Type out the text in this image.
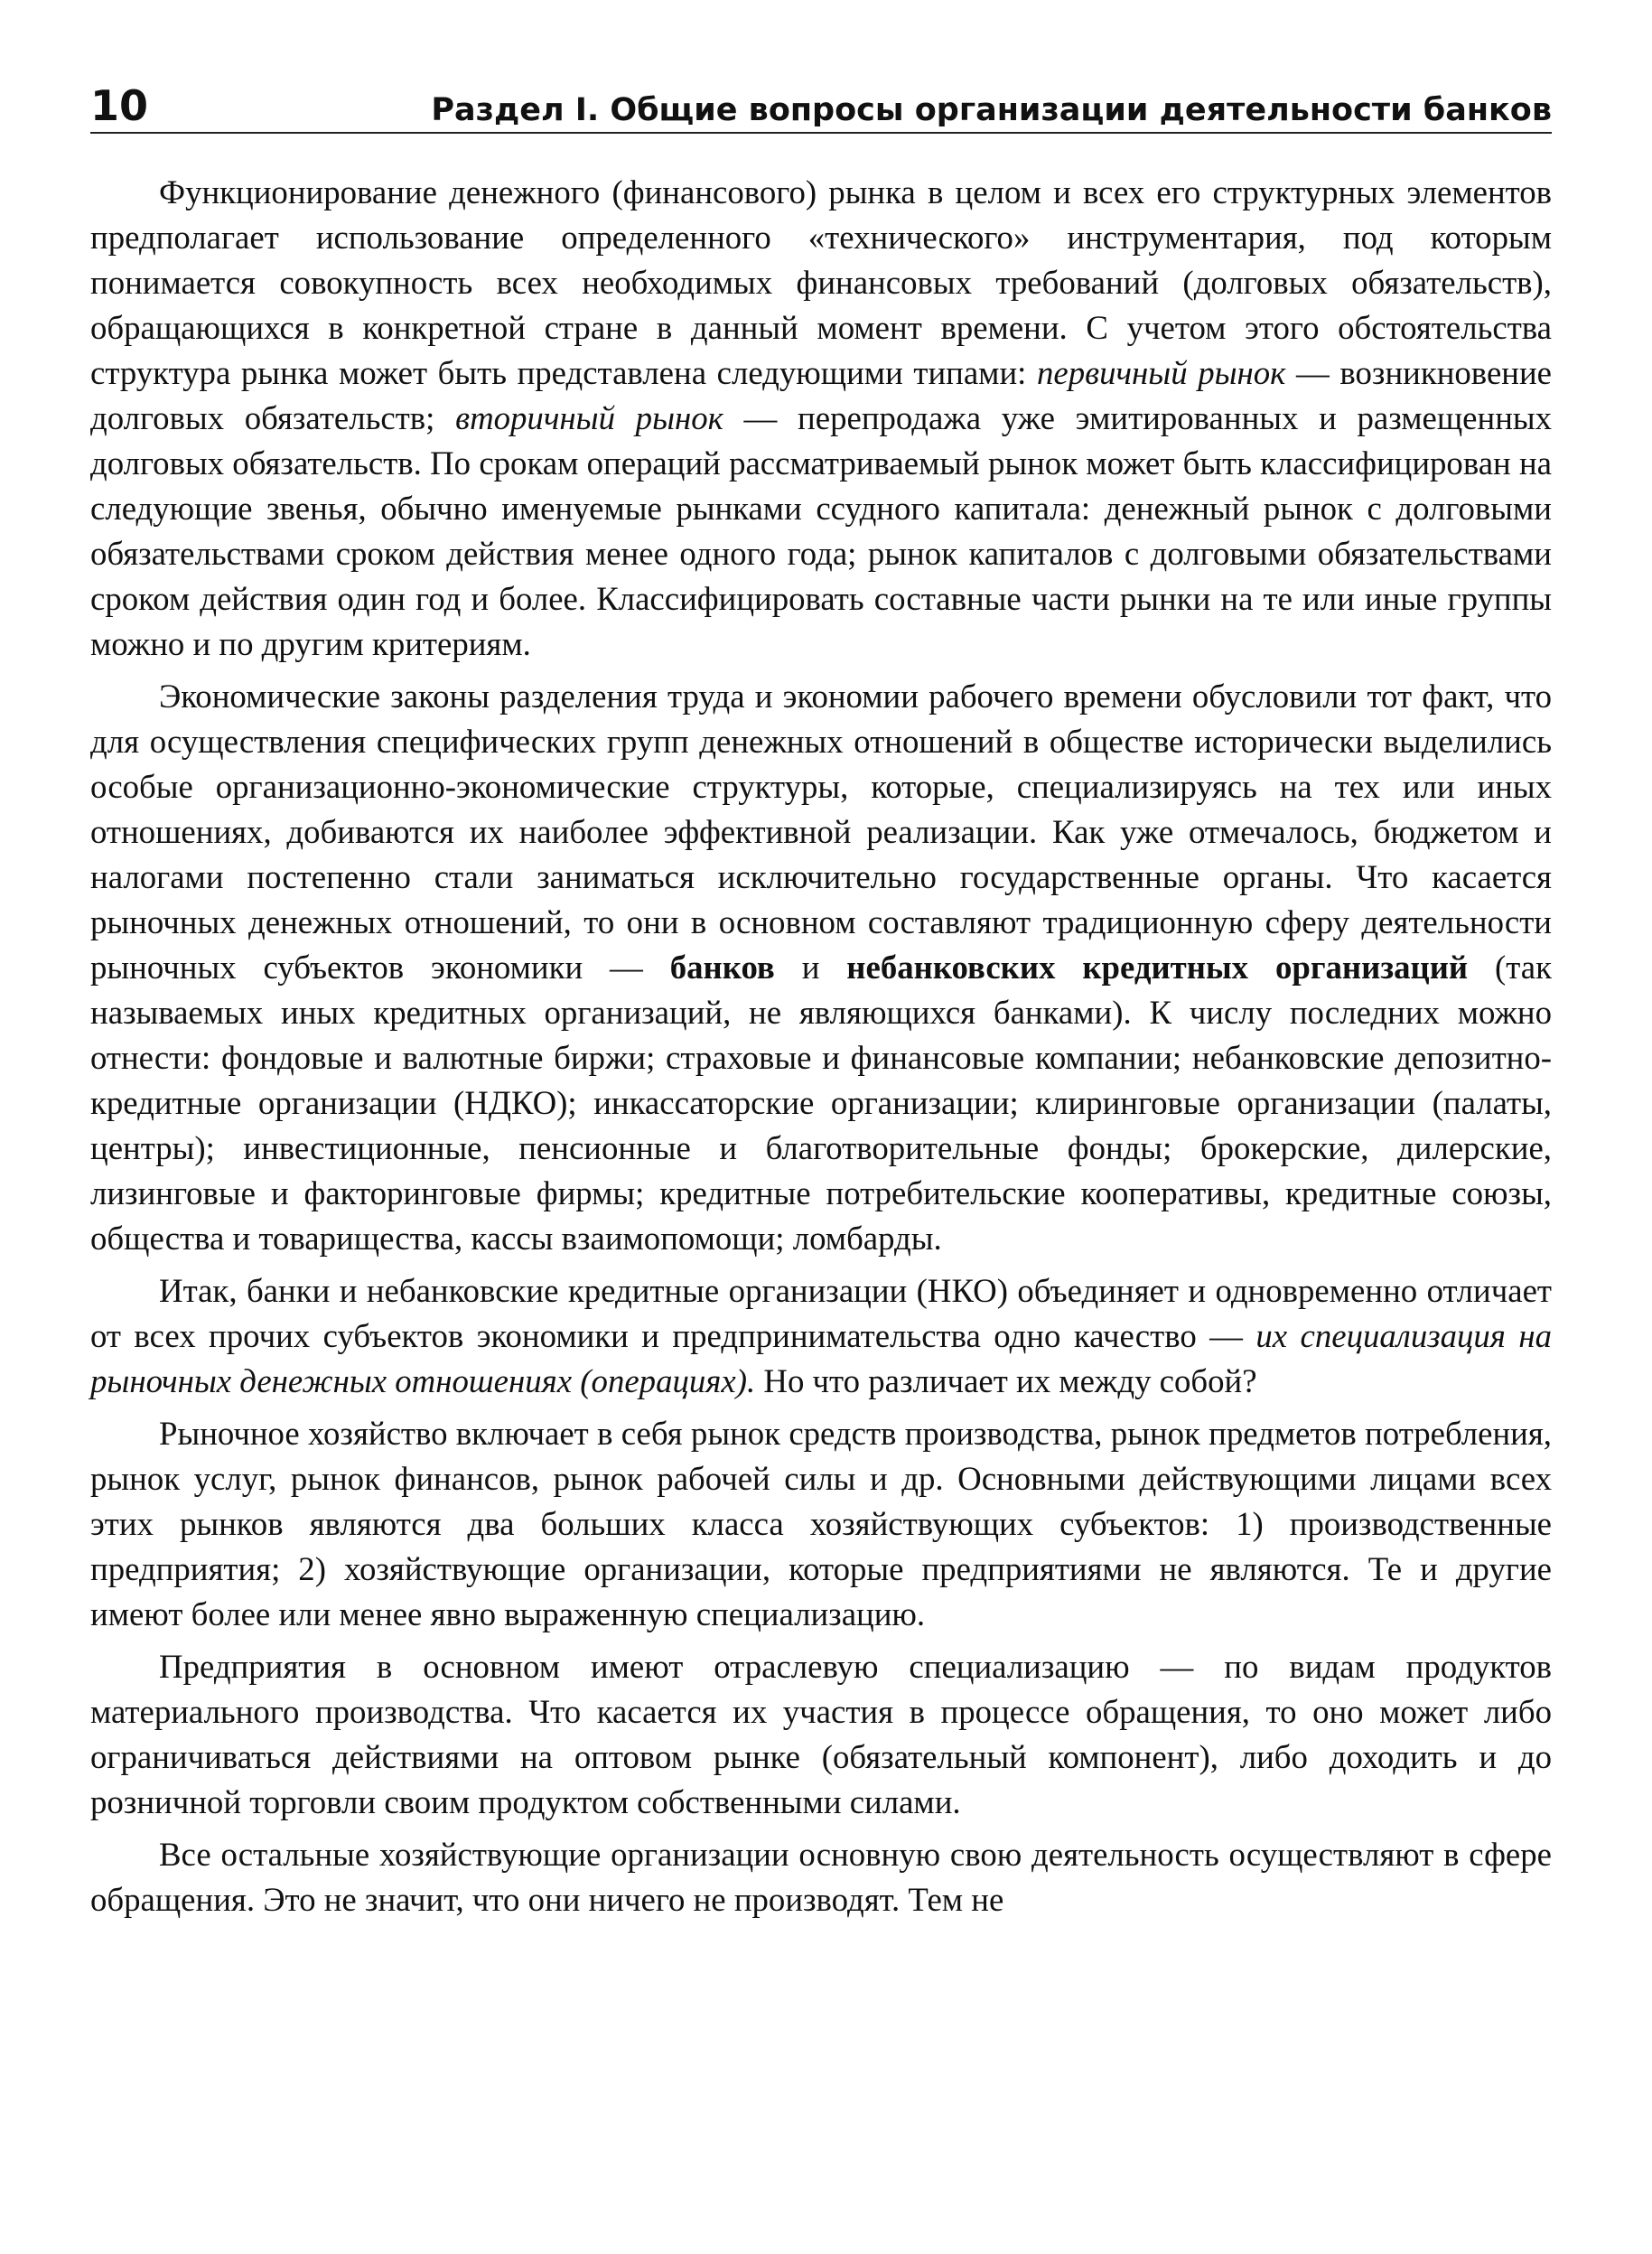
10	Раздел I. Общие вопросы организации деятельности банков

Функционирование денежного (финансового) рынка в целом и всех его структурных элементов предполагает использование определенного «технического» инструментария, под которым понимается совокупность всех необходимых финансовых требований (долговых обязательств), обращающихся в конкретной стране в данный момент времени. С учетом этого обстоятельства структура рынка может быть представлена следующими типами: первичный рынок — возникновение долговых обязательств; вторичный рынок — перепродажа уже эмитированных и размещенных долговых обязательств. По срокам операций рассматриваемый рынок может быть классифицирован на следующие звенья, обычно именуемые рынками ссудного капитала: денежный рынок с долговыми обязательствами сроком действия менее одного года; рынок капиталов с долговыми обязательствами сроком действия один год и более. Классифицировать составные части рынки на те или иные группы можно и по другим критериям.

Экономические законы разделения труда и экономии рабочего времени обусловили тот факт, что для осуществления специфических групп денежных отношений в обществе исторически выделились особые организационно-экономические структуры, которые, специализируясь на тех или иных отношениях, добиваются их наиболее эффективной реализации. Как уже отмечалось, бюджетом и налогами постепенно стали заниматься исключительно государственные органы. Что касается рыночных денежных отношений, то они в основном составляют традиционную сферу деятельности рыночных субъектов экономики — банков и небанковских кредитных организаций (так называемых иных кредитных организаций, не являющихся банками). К числу последних можно отнести: фондовые и валютные биржи; страховые и финансовые компании; небанковские депозитно-кредитные организации (НДКО); инкассаторские организации; клиринговые организации (палаты, центры); инвестиционные, пенсионные и благотворительные фонды; брокерские, дилерские, лизинговые и факторинговые фирмы; кредитные потребительские кооперативы, кредитные союзы, общества и товарищества, кассы взаимопомощи; ломбарды.

Итак, банки и небанковские кредитные организации (НКО) объединяет и одновременно отличает от всех прочих субъектов экономики и предпринимательства одно качество — их специализация на рыночных денежных отношениях (операциях). Но что различает их между собой?

Рыночное хозяйство включает в себя рынок средств производства, рынок предметов потребления, рынок услуг, рынок финансов, рынок рабочей силы и др. Основными действующими лицами всех этих рынков являются два больших класса хозяйствующих субъектов: 1) производственные предприятия; 2) хозяйствующие организации, которые предприятиями не являются. Те и другие имеют более или менее явно выраженную специализацию.

Предприятия в основном имеют отраслевую специализацию — по видам продуктов материального производства. Что касается их участия в процессе обращения, то оно может либо ограничиваться действиями на оптовом рынке (обязательный компонент), либо доходить и до розничной торговли своим продуктом собственными силами.

Все остальные хозяйствующие организации основную свою деятельность осуществляют в сфере обращения. Это не значит, что они ничего не производят. Тем не
